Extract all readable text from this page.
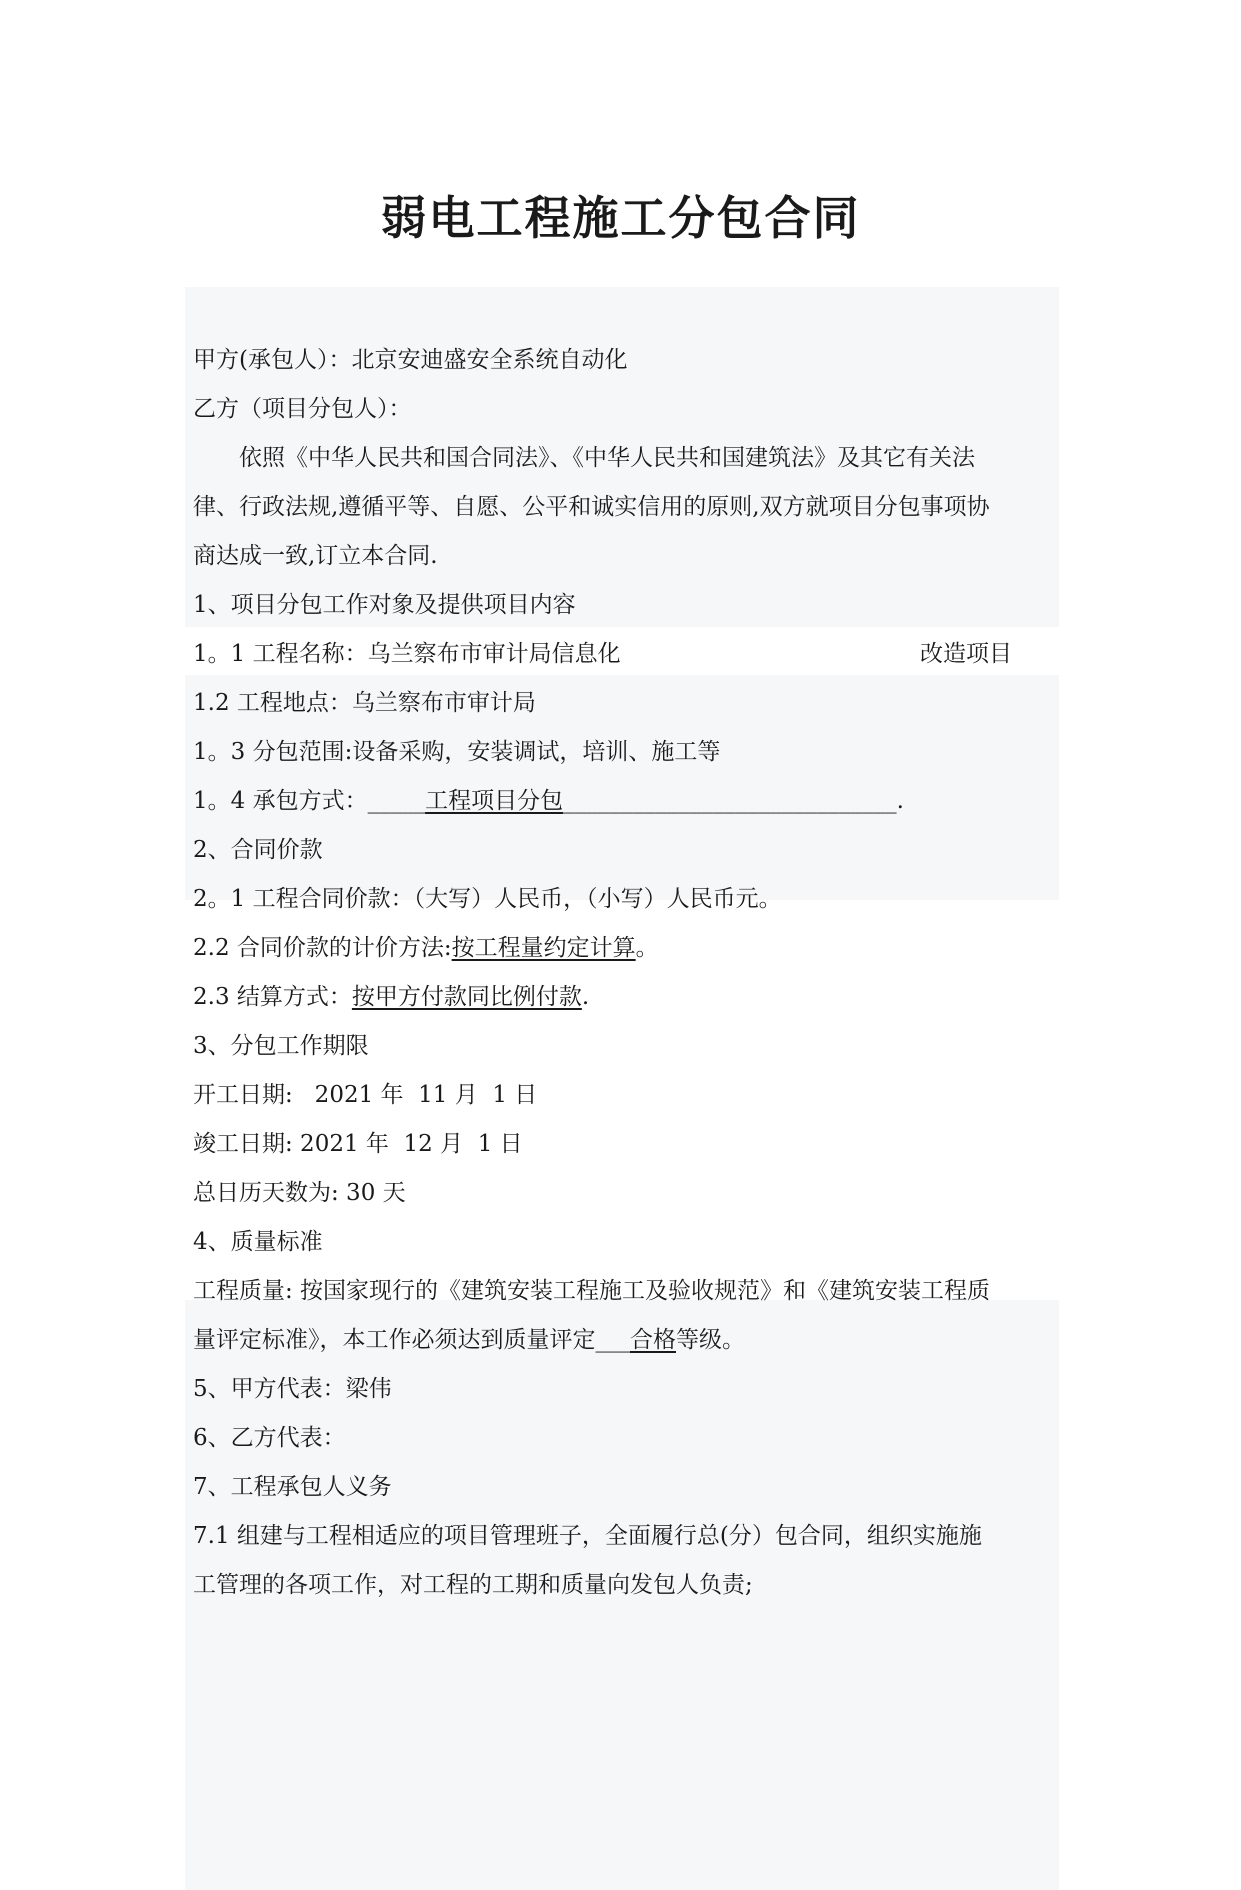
弱电工程施工分包合同
甲方(承包人）：北京安迪盛安全系统自动化
乙方（项目分包人）：
依照《中华人民共和国合同法》、《中华人民共和国建筑法》及其它有关法
律、行政法规,遵循平等、自愿、公平和诚实信用的原则,双方就项目分包事项协
商达成一致,订立本合同.
1、项目分包工作对象及提供项目内容
1。1 工程名称：乌兰察布市审计局信息化	改造项目
1.2 工程地点：乌兰察布市审计局
1。3 分包范围:设备采购，安装调试，培训、施工等
1。4 承包方式：_____工程项目分包_____________________________.
2、合同价款
2。1 工程合同价款：（大写）人民币，（小写）人民币元。
2.2 合同价款的计价方法:按工程量约定计算。
2.3 结算方式：按甲方付款同比例付款.
3、分包工作期限
开工日期:   2021 年  11 月  1 日
竣工日期: 2021 年  12 月  1 日
总日历天数为: 30 天
4、质量标准
工程质量: 按国家现行的《建筑安装工程施工及验收规范》和《建筑安装工程质
量评定标准》，本工作必须达到质量评定___合格等级。
5、甲方代表：梁伟
6、乙方代表：
7、工程承包人义务
7.1 组建与工程相适应的项目管理班子，全面履行总(分）包合同，组织实施施
工管理的各项工作，对工程的工期和质量向发包人负责;
